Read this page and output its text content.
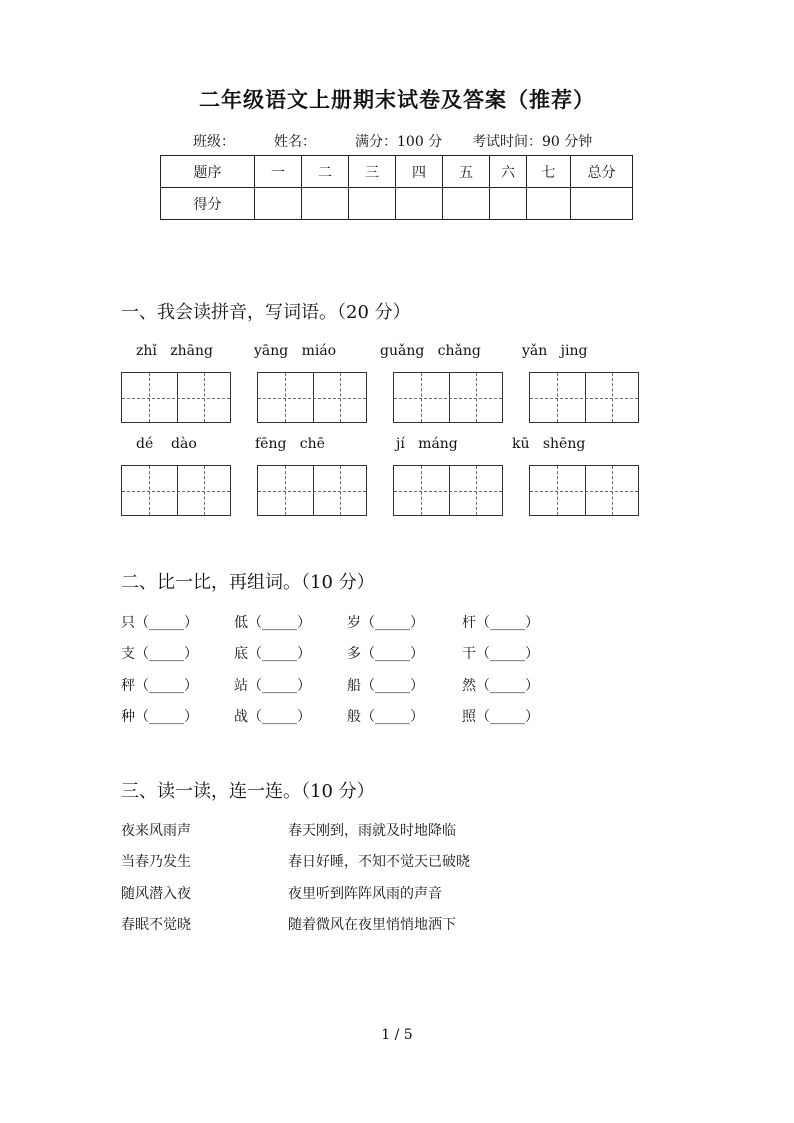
二年级语文上册期末试卷及答案（推荐）
班级：	姓名：	满分：100 分 考试时间：90 分钟
题序	一	二	三	四	五	六	七	总分
得分								
一、我会读拼音，写词语。（20 分）
zhǐ   zhāng	yāng   miáo	guǎng   chǎng	yǎn   jing
dé    dào	fēng   chē	jí   máng	kū   shēng
二、比一比，再组词。（10 分）
只（_____）	低（_____）	岁（_____）	杆（_____）
支（_____）	底（_____）	多（_____）	干（_____）
秤（_____）	站（_____）	船（_____）	然（_____）
种（_____）	战（_____）	般（_____）	照（_____）
三、读一读，连一连。（10 分）
夜来风雨声
当春乃发生
随风潜入夜
春眠不觉晓
春天刚到，雨就及时地降临
春日好睡，不知不觉天已破晓
夜里听到阵阵风雨的声音
随着微风在夜里悄悄地洒下
1 / 5
